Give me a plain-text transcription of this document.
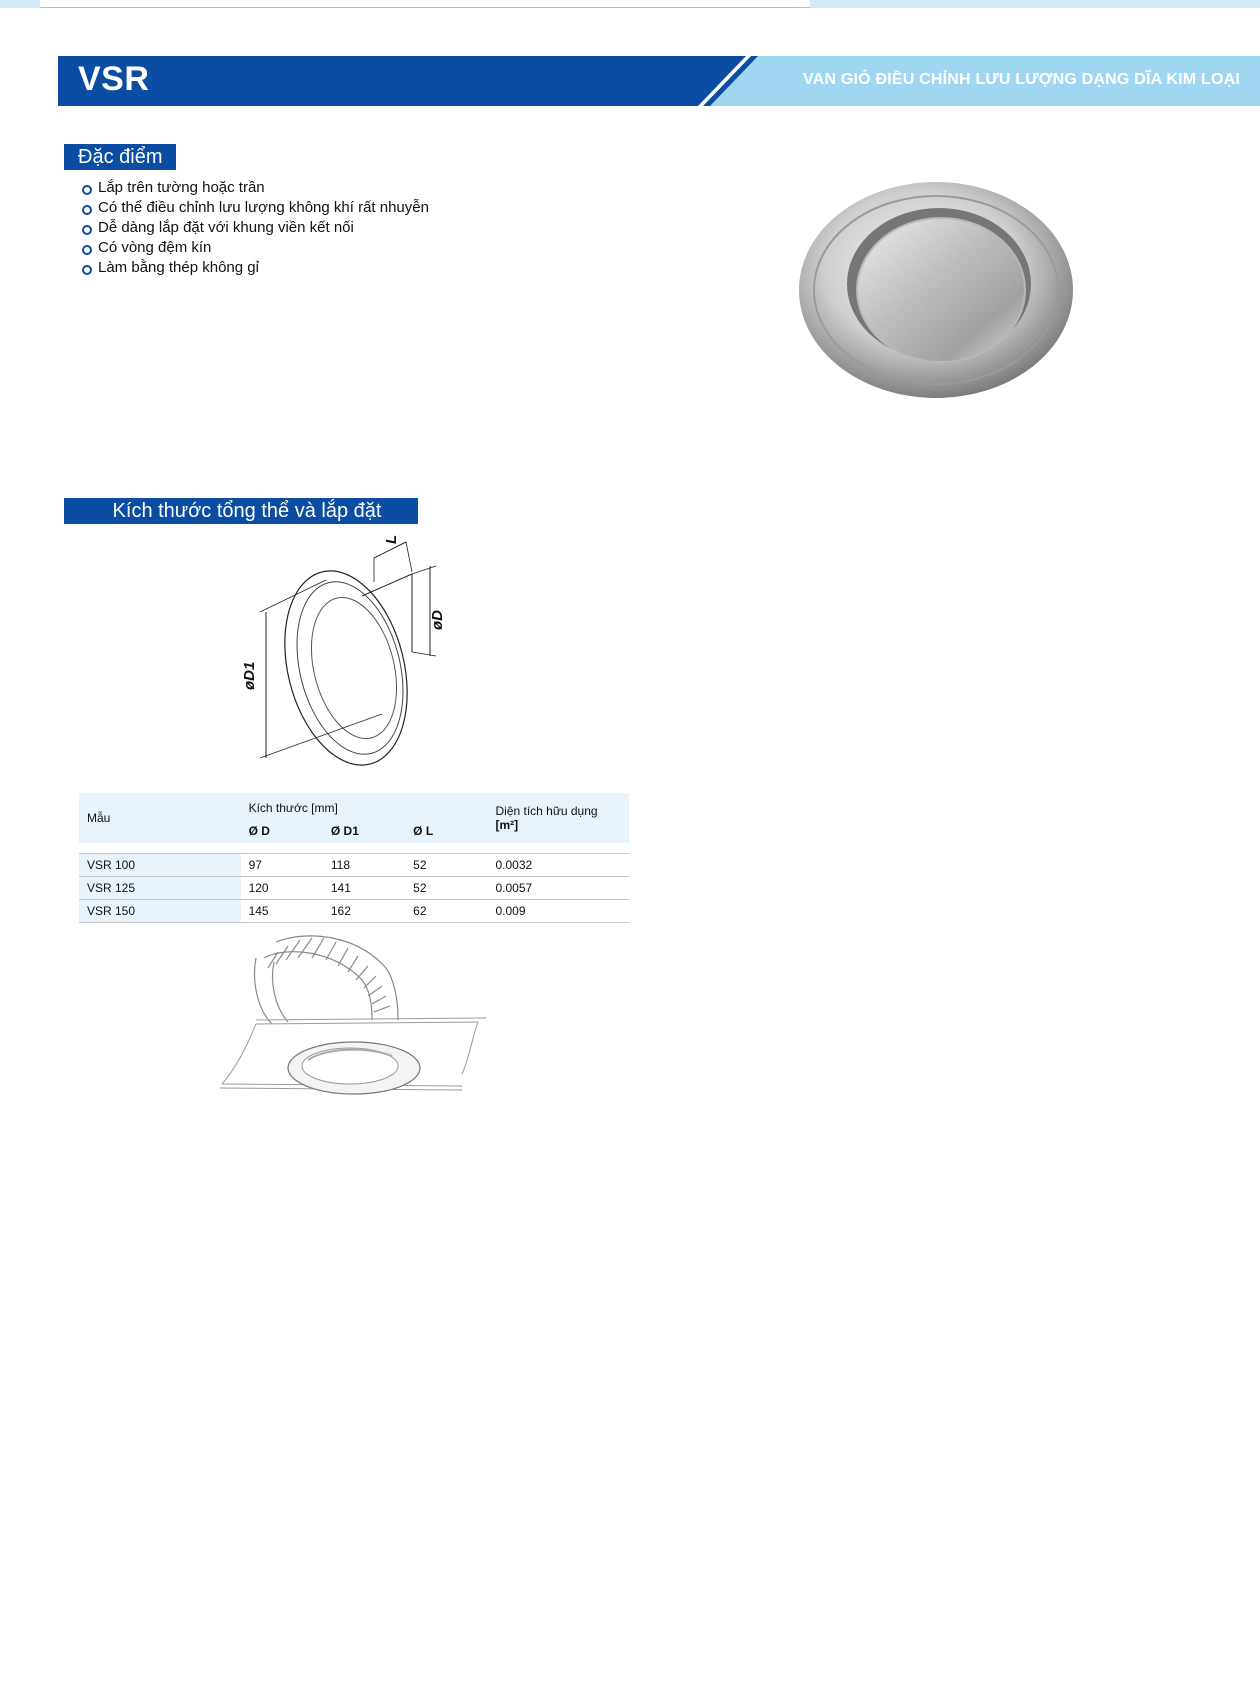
VSR	VAN GIÓ ĐIỀU CHỈNH LƯU LƯỢNG DẠNG DĨA KIM LOẠI
Đặc điểm
Lắp trên tường hoặc trần
Có thể điều chỉnh lưu lượng không khí rất nhuyễn
Dễ dàng lắp đặt với khung viền kết nối
Có vòng đệm kín
Làm bằng thép không gỉ
Kích thước tổng thể và lắp đặt
øD1
øD
L
Mẫu	Kích thước [mm]			Diện tích hữu dụng [m²]
	Ø D	Ø D1	Ø L	

VSR 100	97	118	52	0.0032
VSR 125	120	141	52	0.0057
VSR 150	145	162	62	0.009
